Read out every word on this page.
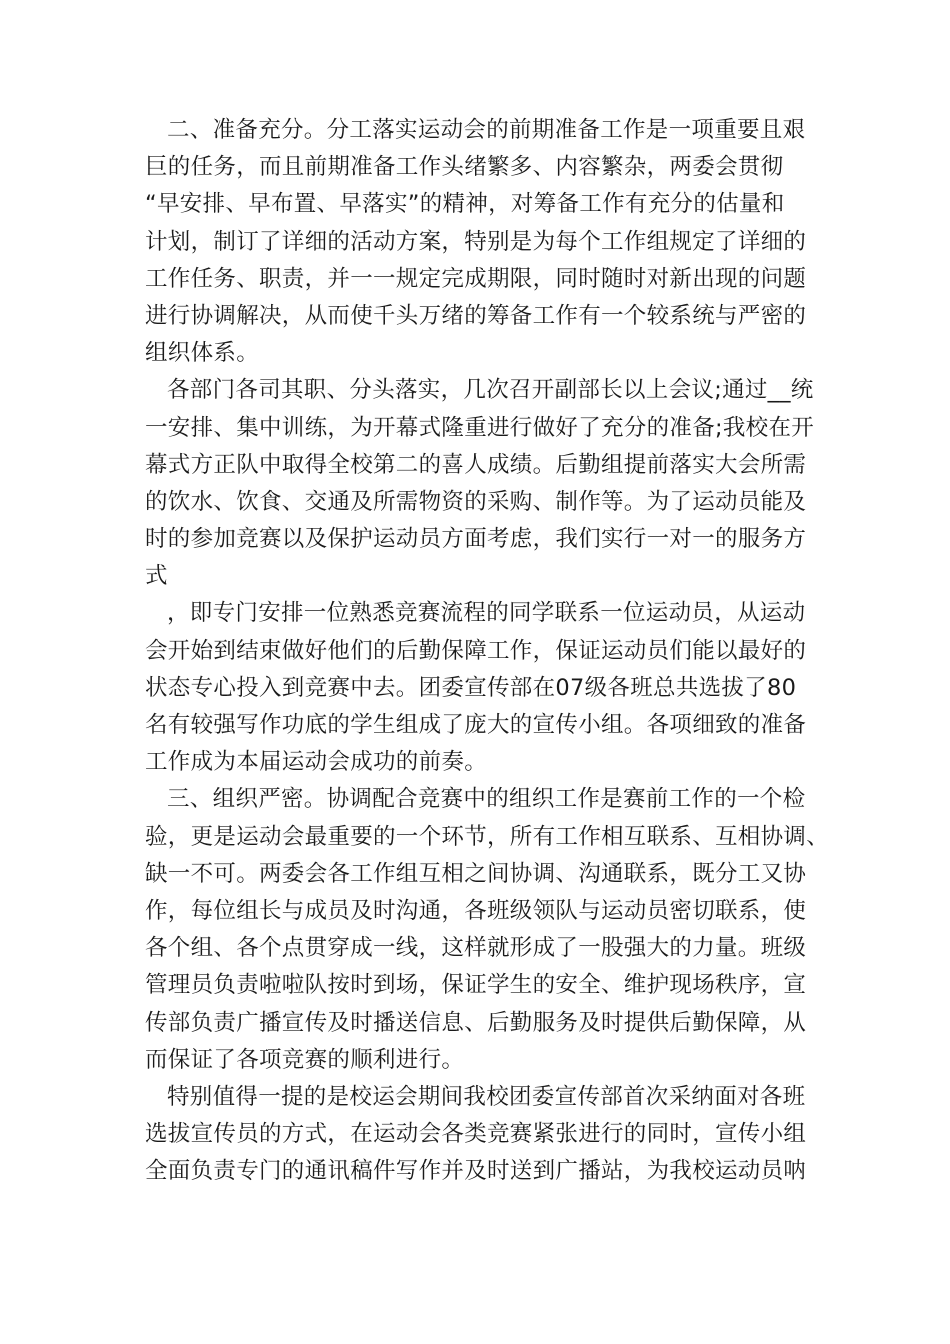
二、准备充分。分工落实运动会的前期准备工作是一项重要且艰
巨的任务，而且前期准备工作头绪繁多、内容繁杂，两委会贯彻
“早安排、早布置、早落实”的精神，对筹备工作有充分的估量和
计划，制订了详细的活动方案，特别是为每个工作组规定了详细的
工作任务、职责，并一一规定完成期限，同时随时对新出现的问题
进行协调解决，从而使千头万绪的筹备工作有一个较系统与严密的
组织体系。
各部门各司其职、分头落实，几次召开副部长以上会议;通过__统
一安排、集中训练，为开幕式隆重进行做好了充分的准备;我校在开
幕式方正队中取得全校第二的喜人成绩。后勤组提前落实大会所需
的饮水、饮食、交通及所需物资的采购、制作等。为了运动员能及
时的参加竞赛以及保护运动员方面考虑，我们实行一对一的服务方
式
，即专门安排一位熟悉竞赛流程的同学联系一位运动员，从运动
会开始到结束做好他们的后勤保障工作，保证运动员们能以最好的
状态专心投入到竞赛中去。团委宣传部在07级各班总共选拔了80
名有较强写作功底的学生组成了庞大的宣传小组。各项细致的准备
工作成为本届运动会成功的前奏。
三、组织严密。协调配合竞赛中的组织工作是赛前工作的一个检
验，更是运动会最重要的一个环节，所有工作相互联系、互相协调、
缺一不可。两委会各工作组互相之间协调、沟通联系，既分工又协
作，每位组长与成员及时沟通，各班级领队与运动员密切联系，使
各个组、各个点贯穿成一线，这样就形成了一股强大的力量。班级
管理员负责啦啦队按时到场，保证学生的安全、维护现场秩序，宣
传部负责广播宣传及时播送信息、后勤服务及时提供后勤保障，从
而保证了各项竞赛的顺利进行。
特别值得一提的是校运会期间我校团委宣传部首次采纳面对各班
选拔宣传员的方式，在运动会各类竞赛紧张进行的同时，宣传小组
全面负责专门的通讯稿件写作并及时送到广播站，为我校运动员呐
